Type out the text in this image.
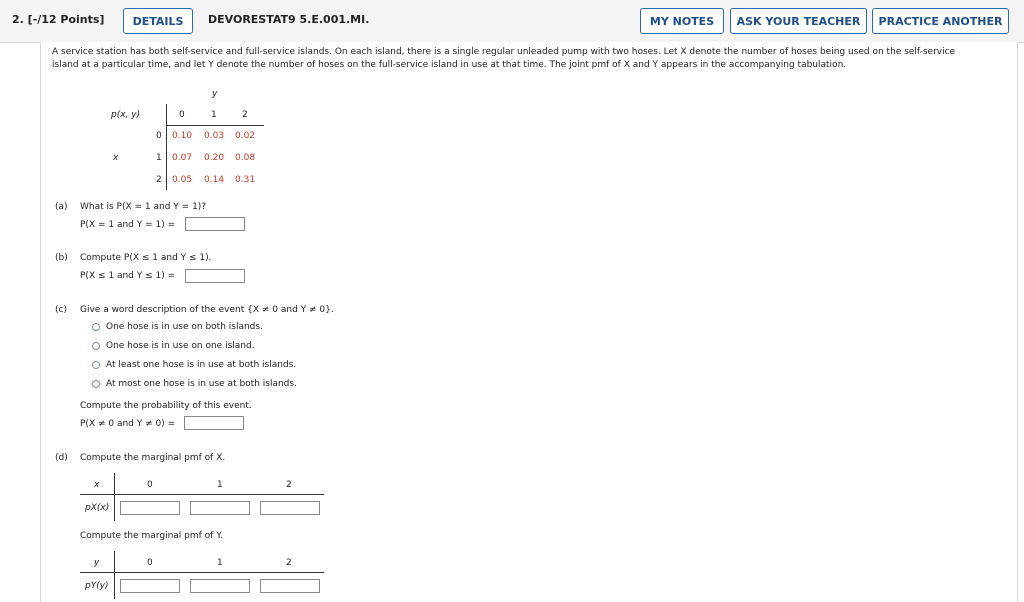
2. [-/12 Points]	DETAILS	DEVORESTAT9 5.E.001.MI.	MY NOTES	ASK YOUR TEACHER	PRACTICE ANOTHER
A service station has both self-service and full-service islands. On each island, there is a single regular unleaded pump with two hoses. Let X denote the number of hoses being used on the self-service
island at a particular time, and let Y denote the number of hoses on the full-service island in use at that time. The joint pmf of X and Y appears in the accompanying tabulation.
y
p(x, y)	0	1	2
x
0 0.10 0.03 0.02
1 0.07 0.20 0.08
2 0.05 0.14 0.31
(a) What is P(X = 1 and Y = 1)?
P(X = 1 and Y = 1) =
(b) Compute P(X ≤ 1 and Y ≤ 1).
P(X ≤ 1 and Y ≤ 1) =
(c) Give a word description of the event {X ≠ 0 and Y ≠ 0}.
One hose is in use on both islands.
One hose is in use on one island.
At least one hose is in use at both islands.
At most one hose is in use at both islands.
Compute the probability of this event.
P(X ≠ 0 and Y ≠ 0) =
(d) Compute the marginal pmf of X.
x	0	1	2
pX(x)
Compute the marginal pmf of Y.
y	0	1	2
pY(y)
